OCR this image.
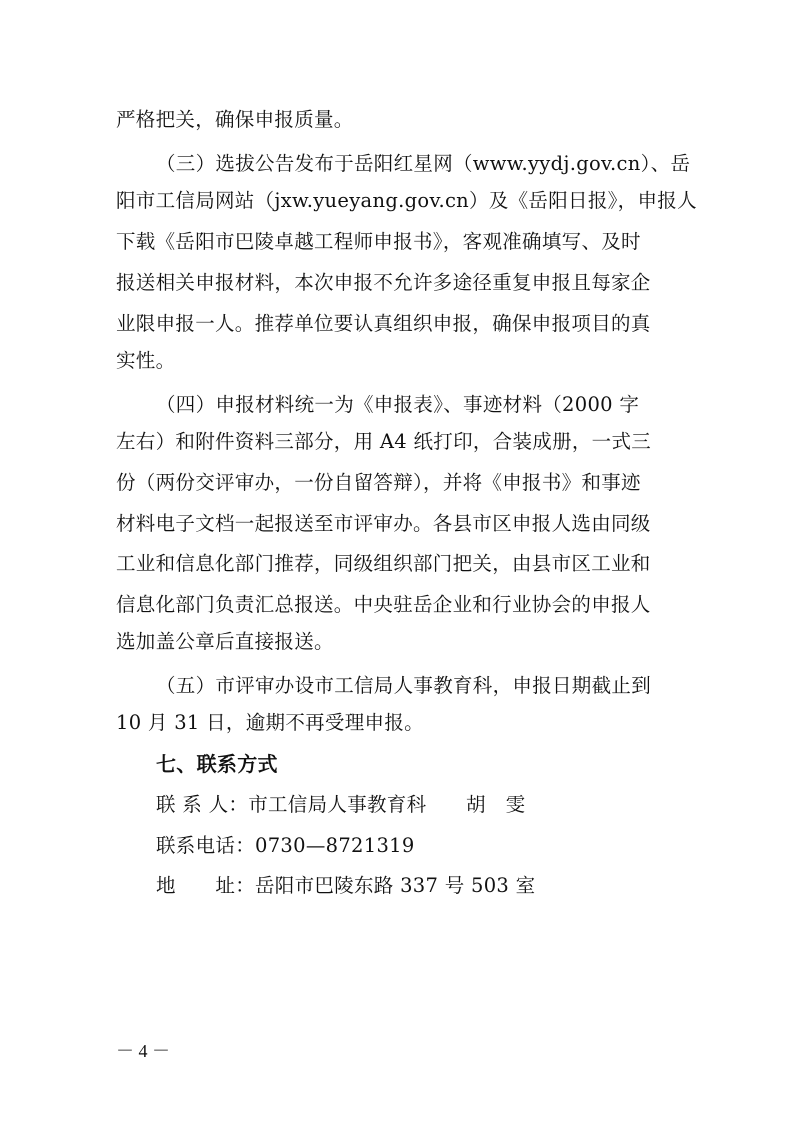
严格把关，确保申报质量。
（三）选拔公告发布于岳阳红星网（www.yydj.gov.cn）、岳
阳市工信局网站（jxw.yueyang.gov.cn）及《岳阳日报》，申报人
下载《岳阳市巴陵卓越工程师申报书》，客观准确填写、及时
报送相关申报材料，本次申报不允许多途径重复申报且每家企
业限申报一人。推荐单位要认真组织申报，确保申报项目的真
实性。
（四）申报材料统一为《申报表》、事迹材料（2000 字
左右）和附件资料三部分，用 A4 纸打印，合装成册，一式三
份（两份交评审办，一份自留答辩），并将《申报书》和事迹
材料电子文档一起报送至市评审办。各县市区申报人选由同级
工业和信息化部门推荐，同级组织部门把关，由县市区工业和
信息化部门负责汇总报送。中央驻岳企业和行业协会的申报人
选加盖公章后直接报送。
（五）市评审办设市工信局人事教育科，申报日期截止到
10 月 31 日，逾期不再受理申报。
七、联系方式
联 系 人：市工信局人事教育科　　胡　雯
联系电话：0730—8721319
地　　址：岳阳市巴陵东路 337 号 503 室
－ 4 －
